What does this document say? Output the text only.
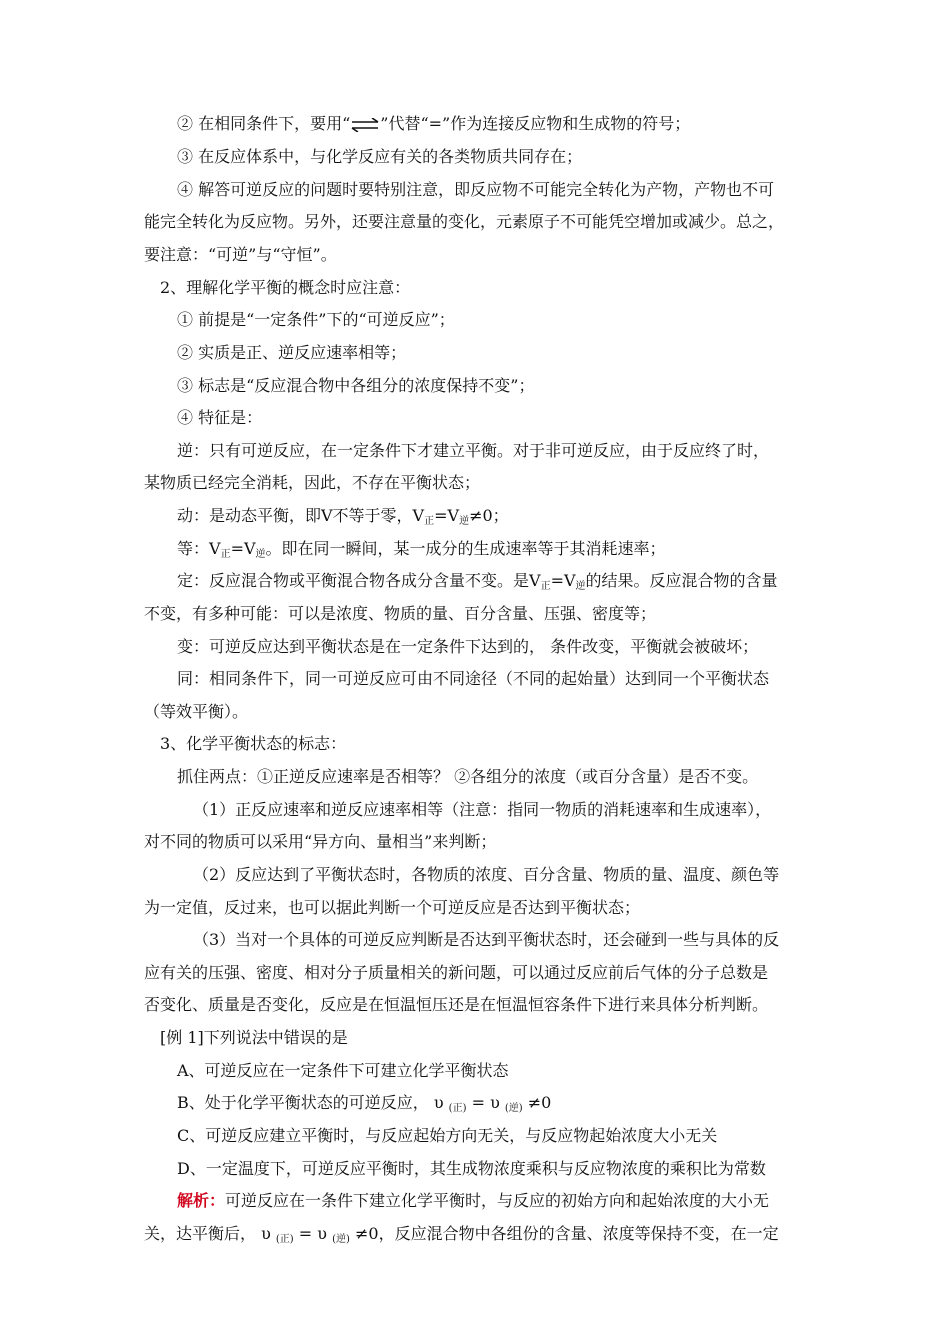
② 在相同条件下，要用“⇌”代替“=”作为连接反应物和生成物的符号；
③ 在反应体系中，与化学反应有关的各类物质共同存在；
④ 解答可逆反应的问题时要特别注意，即反应物不可能完全转化为产物，产物也不可
能完全转化为反应物。另外，还要注意量的变化，元素原子不可能凭空增加或减少。总之，
要注意：“可逆”与“守恒”。
2、理解化学平衡的概念时应注意：
① 前提是“一定条件”下的“可逆反应”；
② 实质是正、逆反应速率相等；
③ 标志是“反应混合物中各组分的浓度保持不变”；
④ 特征是：
逆：只有可逆反应，在一定条件下才建立平衡。对于非可逆反应，由于反应终了时，
某物质已经完全消耗，因此，不存在平衡状态；
动：是动态平衡，即Ⅴ不等于零，Ⅴ正=Ⅴ逆≠0；
等：Ⅴ正=Ⅴ逆。即在同一瞬间，某一成分的生成速率等于其消耗速率；
定：反应混合物或平衡混合物各成分含量不变。是Ⅴ正=Ⅴ逆的结果。反应混合物的含量
不变，有多种可能：可以是浓度、物质的量、百分含量、压强、密度等；
变：可逆反应达到平衡状态是在一定条件下达到的， 条件改变，平衡就会被破坏；
同：相同条件下，同一可逆反应可由不同途径（不同的起始量）达到同一个平衡状态
（等效平衡）。
3、化学平衡状态的标志：
抓住两点：①正逆反应速率是否相等？ ②各组分的浓度（或百分含量）是否不变。
（1）正反应速率和逆反应速率相等（注意：指同一物质的消耗速率和生成速率），
对不同的物质可以采用“异方向、量相当”来判断；
（2）反应达到了平衡状态时，各物质的浓度、百分含量、物质的量、温度、颜色等
为一定值，反过来，也可以据此判断一个可逆反应是否达到平衡状态；
（3）当对一个具体的可逆反应判断是否达到平衡状态时，还会碰到一些与具体的反
应有关的压强、密度、相对分子质量相关的新问题，可以通过反应前后气体的分子总数是
否变化、质量是否变化，反应是在恒温恒压还是在恒温恒容条件下进行来具体分析判断。
[例 1]下列说法中错误的是
A、可逆反应在一定条件下可建立化学平衡状态
B、处于化学平衡状态的可逆反应， υ (正) = υ (逆) ≠0
C、可逆反应建立平衡时，与反应起始方向无关，与反应物起始浓度大小无关
D、一定温度下，可逆反应平衡时，其生成物浓度乘积与反应物浓度的乘积比为常数
解析：可逆反应在一条件下建立化学平衡时，与反应的初始方向和起始浓度的大小无
关，达平衡后， υ (正) = υ (逆) ≠0，反应混合物中各组份的含量、浓度等保持不变，在一定
